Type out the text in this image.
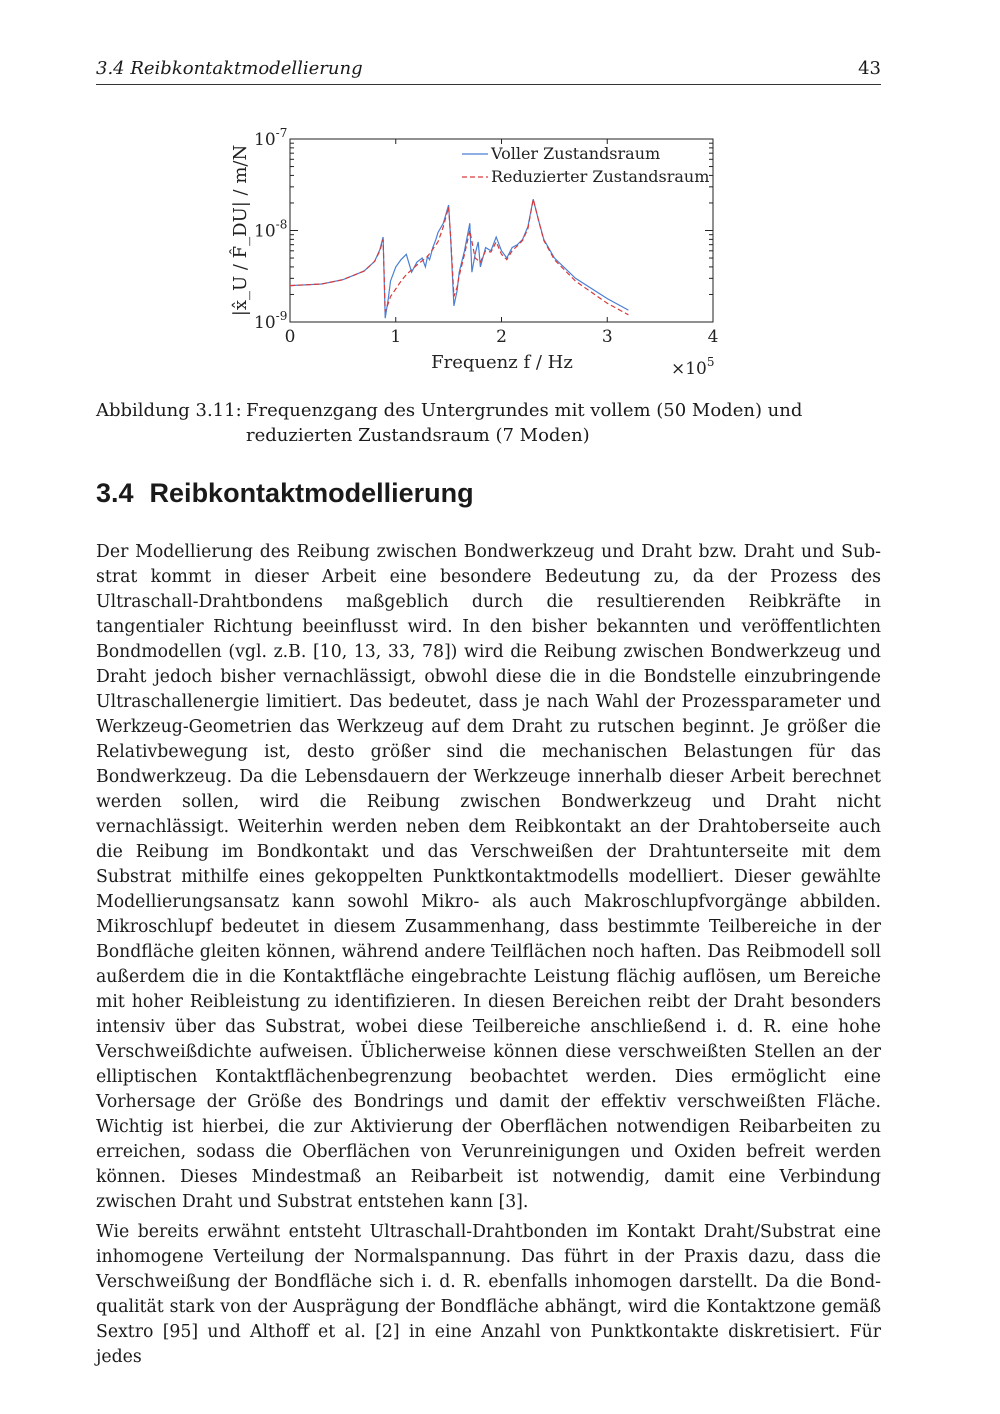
3.4 Reibkontaktmodellierung	43
0	1	2	3	4
$10^{-9}$
$10^{-8}$
$10^{-7}$
Voller Zustandsraum
Reduzierter Zustandsraum
Frequenz f / Hz	$\times 10^5$
|x̂_U / F̂_DU| / m/N
Abbildung 3.11: Frequenzgang des Untergrundes mit vollem (50 Moden) und reduzierten Zustandsraum (7 Moden)
3.4 Reibkontaktmodellierung

Der Modellierung des Reibung zwischen Bondwerkzeug und Draht bzw. Draht und Substrat kommt in dieser Arbeit eine besondere Bedeutung zu, da der Prozess des Ultraschall-Drahtbondens maßgeblich durch die resultierenden Reibkräfte in tangentialer Richtung beeinflusst wird. In den bisher bekannten und veröffentlichten Bondmodellen (vgl. z.B. [10, 13, 33, 78]) wird die Reibung zwischen Bondwerkzeug und Draht jedoch bisher vernachlässigt, obwohl diese die in die Bondstelle einzubringende Ultraschallenergie limitiert. Das bedeutet, dass je nach Wahl der Prozessparameter und Werkzeug-Geometrien das Werkzeug auf dem Draht zu rutschen beginnt. Je größer die Relativbewegung ist, desto größer sind die mechanischen Belastungen für das Bondwerkzeug. Da die Lebensdauern der Werkzeuge innerhalb dieser Arbeit berechnet werden sollen, wird die Reibung zwischen Bondwerkzeug und Draht nicht vernachlässigt. Weiterhin werden neben dem Reibkontakt an der Drahtoberseite auch die Reibung im Bondkontakt und das Verschweißen der Drahtunterseite mit dem Substrat mithilfe eines gekoppelten Punktkontaktmodells modelliert. Dieser gewählte Modellierungsansatz kann sowohl Mikro- als auch Makroschlupfvorgänge abbilden. Mikroschlupf bedeutet in diesem Zusammenhang, dass bestimmte Teilbereiche in der Bondfläche gleiten können, während andere Teilflächen noch haften. Das Reibmodell soll außerdem die in die Kontaktfläche eingebrachte Leistung flächig auflösen, um Bereiche mit hoher Reibleistung zu identifizieren. In diesen Bereichen reibt der Draht besonders intensiv über das Substrat, wobei diese Teilbereiche anschließend i. d. R. eine hohe Verschweißdichte aufweisen. Üblicherweise können diese verschweißten Stellen an der elliptischen Kontaktflächenbegrenzung beobachtet werden. Dies ermöglicht eine Vorhersage der Größe des Bondrings und damit der effektiv verschweißten Fläche. Wichtig ist hierbei, die zur Aktivierung der Oberflächen notwendigen Reibarbeiten zu erreichen, sodass die Oberflächen von Verunreinigungen und Oxiden befreit werden können. Dieses Mindestmaß an Reibarbeit ist notwendig, damit eine Verbindung zwischen Draht und Substrat entstehen kann [3].

Wie bereits erwähnt entsteht Ultraschall-Drahtbonden im Kontakt Draht/Substrat eine inhomogene Verteilung der Normalspannung. Das führt in der Praxis dazu, dass die Verschweißung der Bondfläche sich i. d. R. ebenfalls inhomogen darstellt. Da die Bondqualität stark von der Ausprägung der Bondfläche abhängt, wird die Kontaktzone gemäß Sextro [95] und Althoff et al. [2] in eine Anzahl von Punktkontakte diskretisiert. Für jedes
